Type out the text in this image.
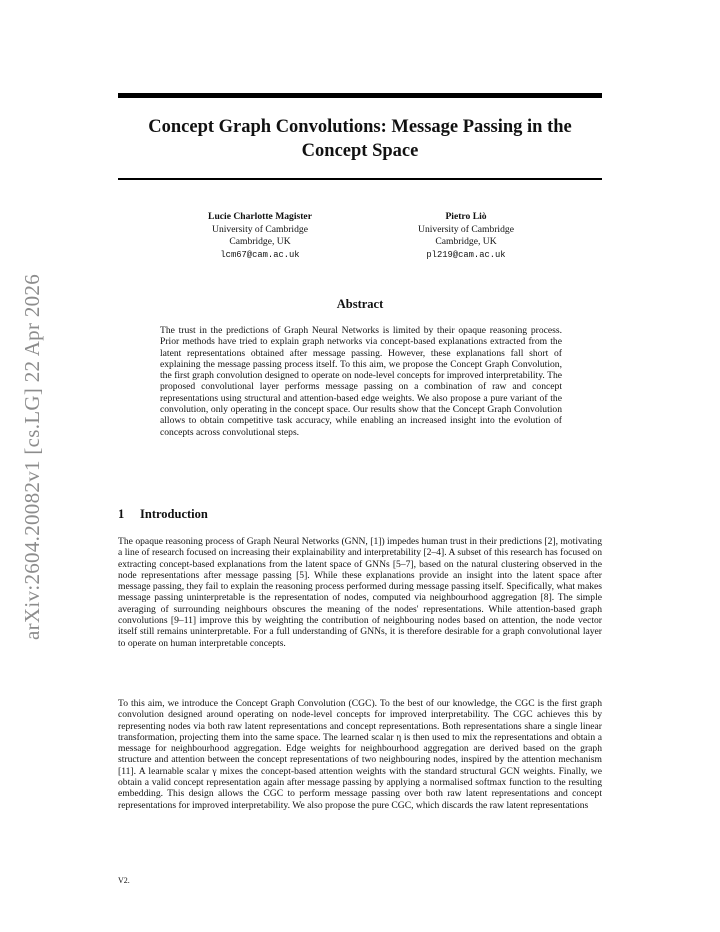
arXiv:2604.20082v1 [cs.LG] 22 Apr 2026
Concept Graph Convolutions: Message Passing in the Concept Space
Lucie Charlotte Magister
University of Cambridge
Cambridge, UK
lcm67@cam.ac.uk
Pietro Liò
University of Cambridge
Cambridge, UK
pl219@cam.ac.uk
Abstract

The trust in the predictions of Graph Neural Networks is limited by their opaque reasoning process. Prior methods have tried to explain graph networks via concept-based explanations extracted from the latent representations obtained after message passing. However, these explanations fall short of explaining the message passing process itself. To this aim, we propose the Concept Graph Convolution, the first graph convolution designed to operate on node-level concepts for improved interpretability. The proposed convolutional layer performs message passing on a combination of raw and concept representations using structural and attention-based edge weights. We also propose a pure variant of the convolution, only operating in the concept space. Our results show that the Concept Graph Convolution allows to obtain competitive task accuracy, while enabling an increased insight into the evolution of concepts across convolutional steps.

1 Introduction

The opaque reasoning process of Graph Neural Networks (GNN, [1]) impedes human trust in their predictions [2], motivating a line of research focused on increasing their explainability and interpretability [2–4]. A subset of this research has focused on extracting concept-based explanations from the latent space of GNNs [5–7], based on the natural clustering observed in the node representations after message passing [5]. While these explanations provide an insight into the latent space after message passing, they fail to explain the reasoning process performed during message passing itself. Specifically, what makes message passing uninterpretable is the representation of nodes, computed via neighbourhood aggregation [8]. The simple averaging of surrounding neighbours obscures the meaning of the nodes' representations. While attention-based graph convolutions [9–11] improve this by weighting the contribution of neighbouring nodes based on attention, the node vector itself still remains uninterpretable. For a full understanding of GNNs, it is therefore desirable for a graph convolutional layer to operate on human interpretable concepts.

To this aim, we introduce the Concept Graph Convolution (CGC). To the best of our knowledge, the CGC is the first graph convolution designed around operating on node-level concepts for improved interpretability. The CGC achieves this by representing nodes via both raw latent representations and concept representations. Both representations share a single linear transformation, projecting them into the same space. The learned scalar η is then used to mix the representations and obtain a message for neighbourhood aggregation. Edge weights for neighbourhood aggregation are derived based on the graph structure and attention between the concept representations of two neighbouring nodes, inspired by the attention mechanism [11]. A learnable scalar γ mixes the concept-based attention weights with the standard structural GCN weights. Finally, we obtain a valid concept representation again after message passing by applying a normalised softmax function to the resulting embedding. This design allows the CGC to perform message passing over both raw latent representations and concept representations for improved interpretability. We also propose the pure CGC, which discards the raw latent representations

V2.
